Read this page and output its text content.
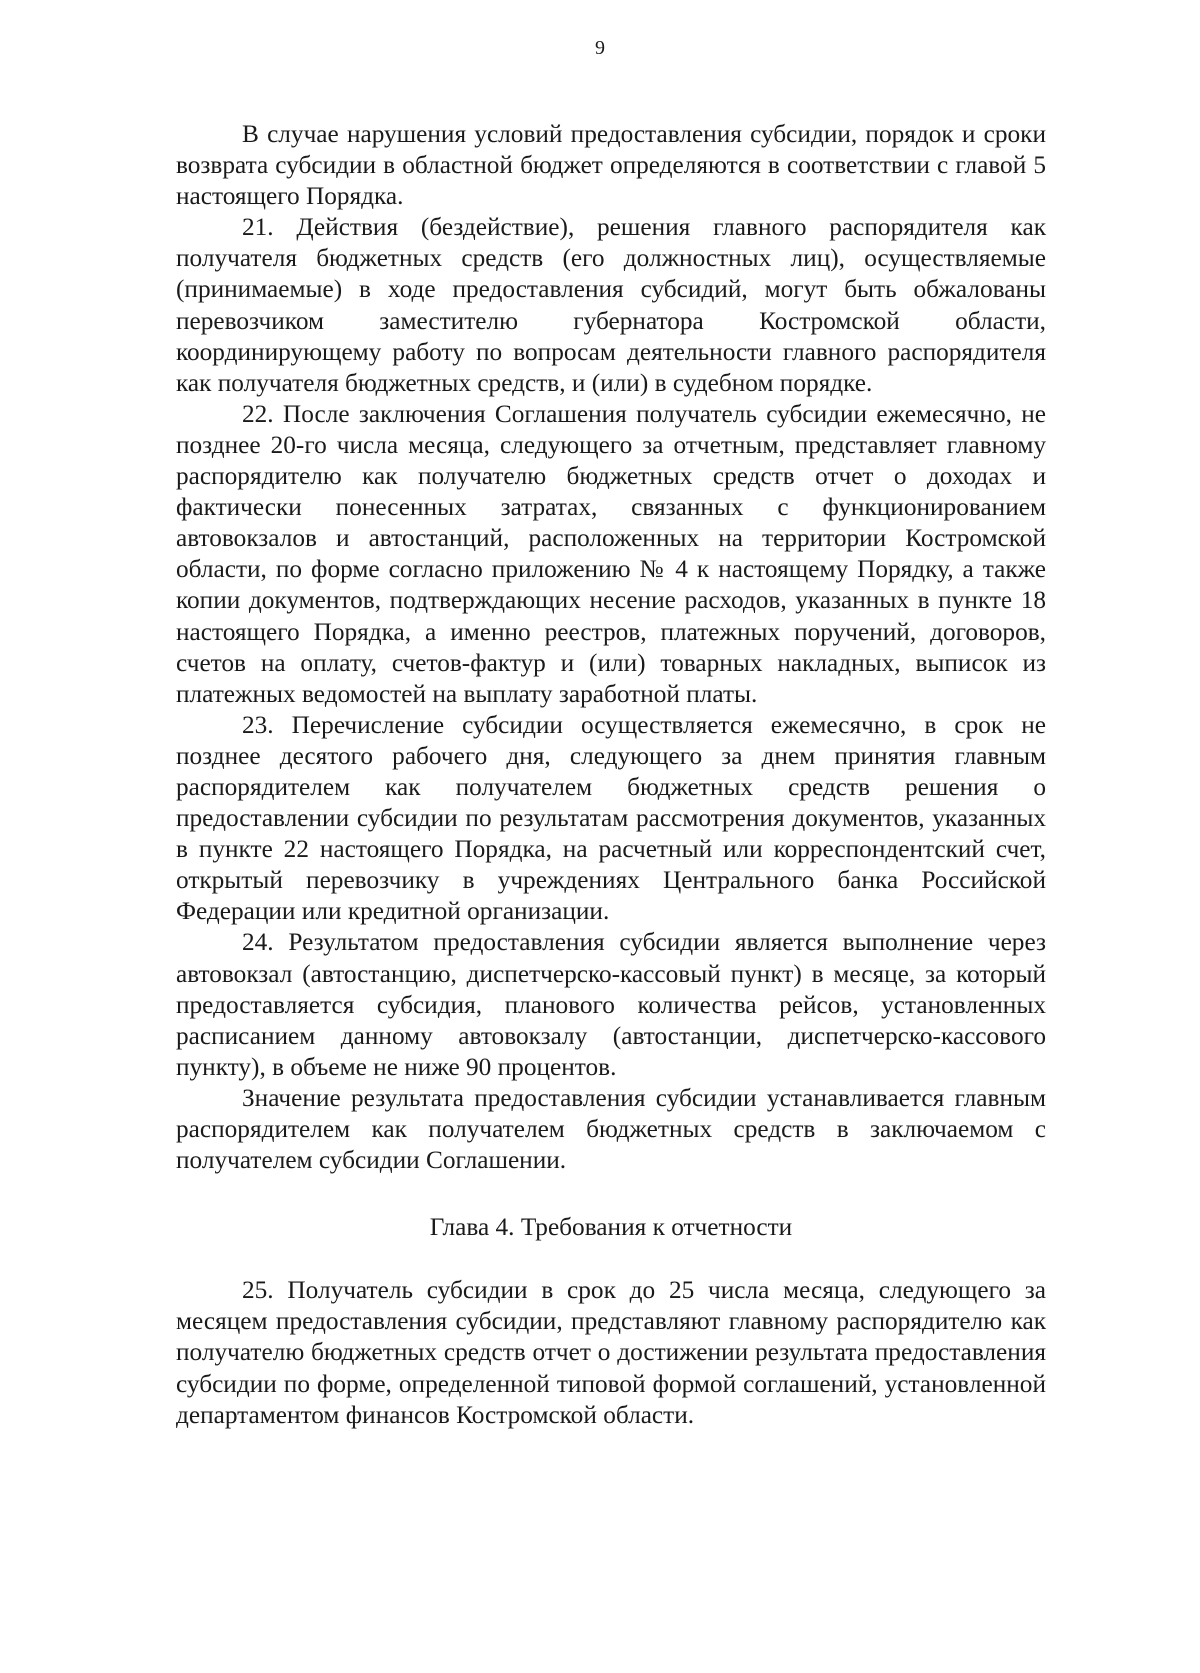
9

В случае нарушения условий предоставления субсидии, порядок и сроки возврата субсидии в областной бюджет определяются в соответствии с главой 5 настоящего Порядка.

21. Действия (бездействие), решения главного распорядителя как получателя бюджетных средств (его должностных лиц), осуществляемые (принимаемые) в ходе предоставления субсидий, могут быть обжалованы перевозчиком заместителю губернатора Костромской области, координирующему работу по вопросам деятельности главного распорядителя как получателя бюджетных средств, и (или) в судебном порядке.

22. После заключения Соглашения получатель субсидии ежемесячно, не позднее 20-го числа месяца, следующего за отчетным, представляет главному распорядителю как получателю бюджетных средств отчет о доходах и фактически понесенных затратах, связанных с функционированием автовокзалов и автостанций, расположенных на территории Костромской области, по форме согласно приложению № 4 к настоящему Порядку, а также копии документов, подтверждающих несение расходов, указанных в пункте 18 настоящего Порядка, а именно реестров, платежных поручений, договоров, счетов на оплату, счетов-фактур и (или) товарных накладных, выписок из платежных ведомостей на выплату заработной платы.

23. Перечисление субсидии осуществляется ежемесячно, в срок не позднее десятого рабочего дня, следующего за днем принятия главным распорядителем как получателем бюджетных средств решения о предоставлении субсидии по результатам рассмотрения документов, указанных в пункте 22 настоящего Порядка, на расчетный или корреспондентский счет, открытый перевозчику в учреждениях Центрального банка Российской Федерации или кредитной организации.

24. Результатом предоставления субсидии является выполнение через автовокзал (автостанцию, диспетчерско-кассовый пункт) в месяце, за который предоставляется субсидия, планового количества рейсов, установленных расписанием данному автовокзалу (автостанции, диспетчерско-кассового пункту), в объеме не ниже 90 процентов.

Значение результата предоставления субсидии устанавливается главным распорядителем как получателем бюджетных средств в заключаемом с получателем субсидии Соглашении.

Глава 4. Требования к отчетности

25. Получатель субсидии в срок до 25 числа месяца, следующего за месяцем предоставления субсидии, представляют главному распорядителю как получателю бюджетных средств отчет о достижении результата предоставления субсидии по форме, определенной типовой формой соглашений, установленной департаментом финансов Костромской области.
